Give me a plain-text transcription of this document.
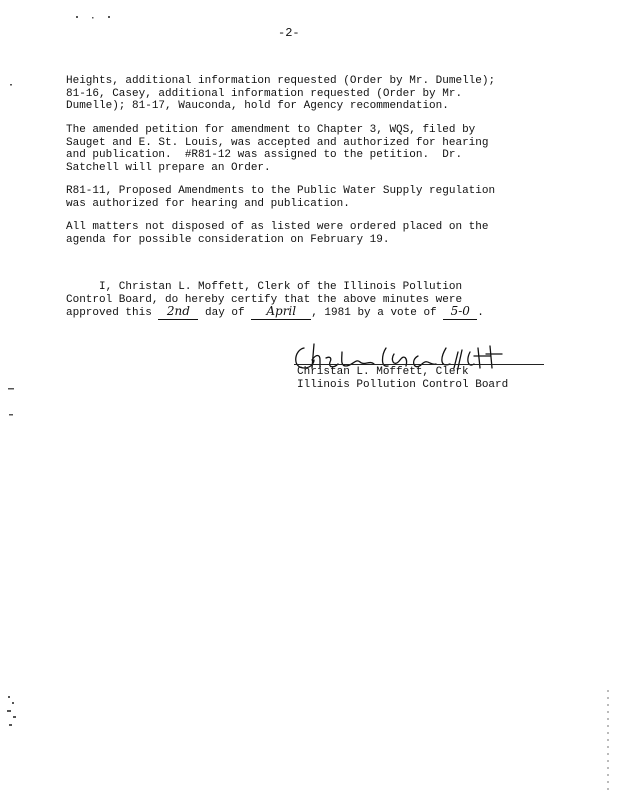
-2-
Heights, additional information requested (Order by Mr. Dumelle);
81-16, Casey, additional information requested (Order by Mr.
Dumelle); 81-17, Wauconda, hold for Agency recommendation.
The amended petition for amendment to Chapter 3, WQS, filed by
Sauget and E. St. Louis, was accepted and authorized for hearing
and publication.  #R81-12 was assigned to the petition.  Dr.
Satchell will prepare an Order.
R81-11, Proposed Amendments to the Public Water Supply regulation
was authorized for hearing and publication.
All matters not disposed of as listed were ordered placed on the
agenda for possible consideration on February 19.
I, Christan L. Moffett, Clerk of the Illinois Pollution
Control Board, do hereby certify that the above minutes were
approved this 2nd day of April , 1981 by a vote of 5-0 .
Christan L. Moffett Christan L. Moffett, Clerk
Illinois Pollution Control Board
